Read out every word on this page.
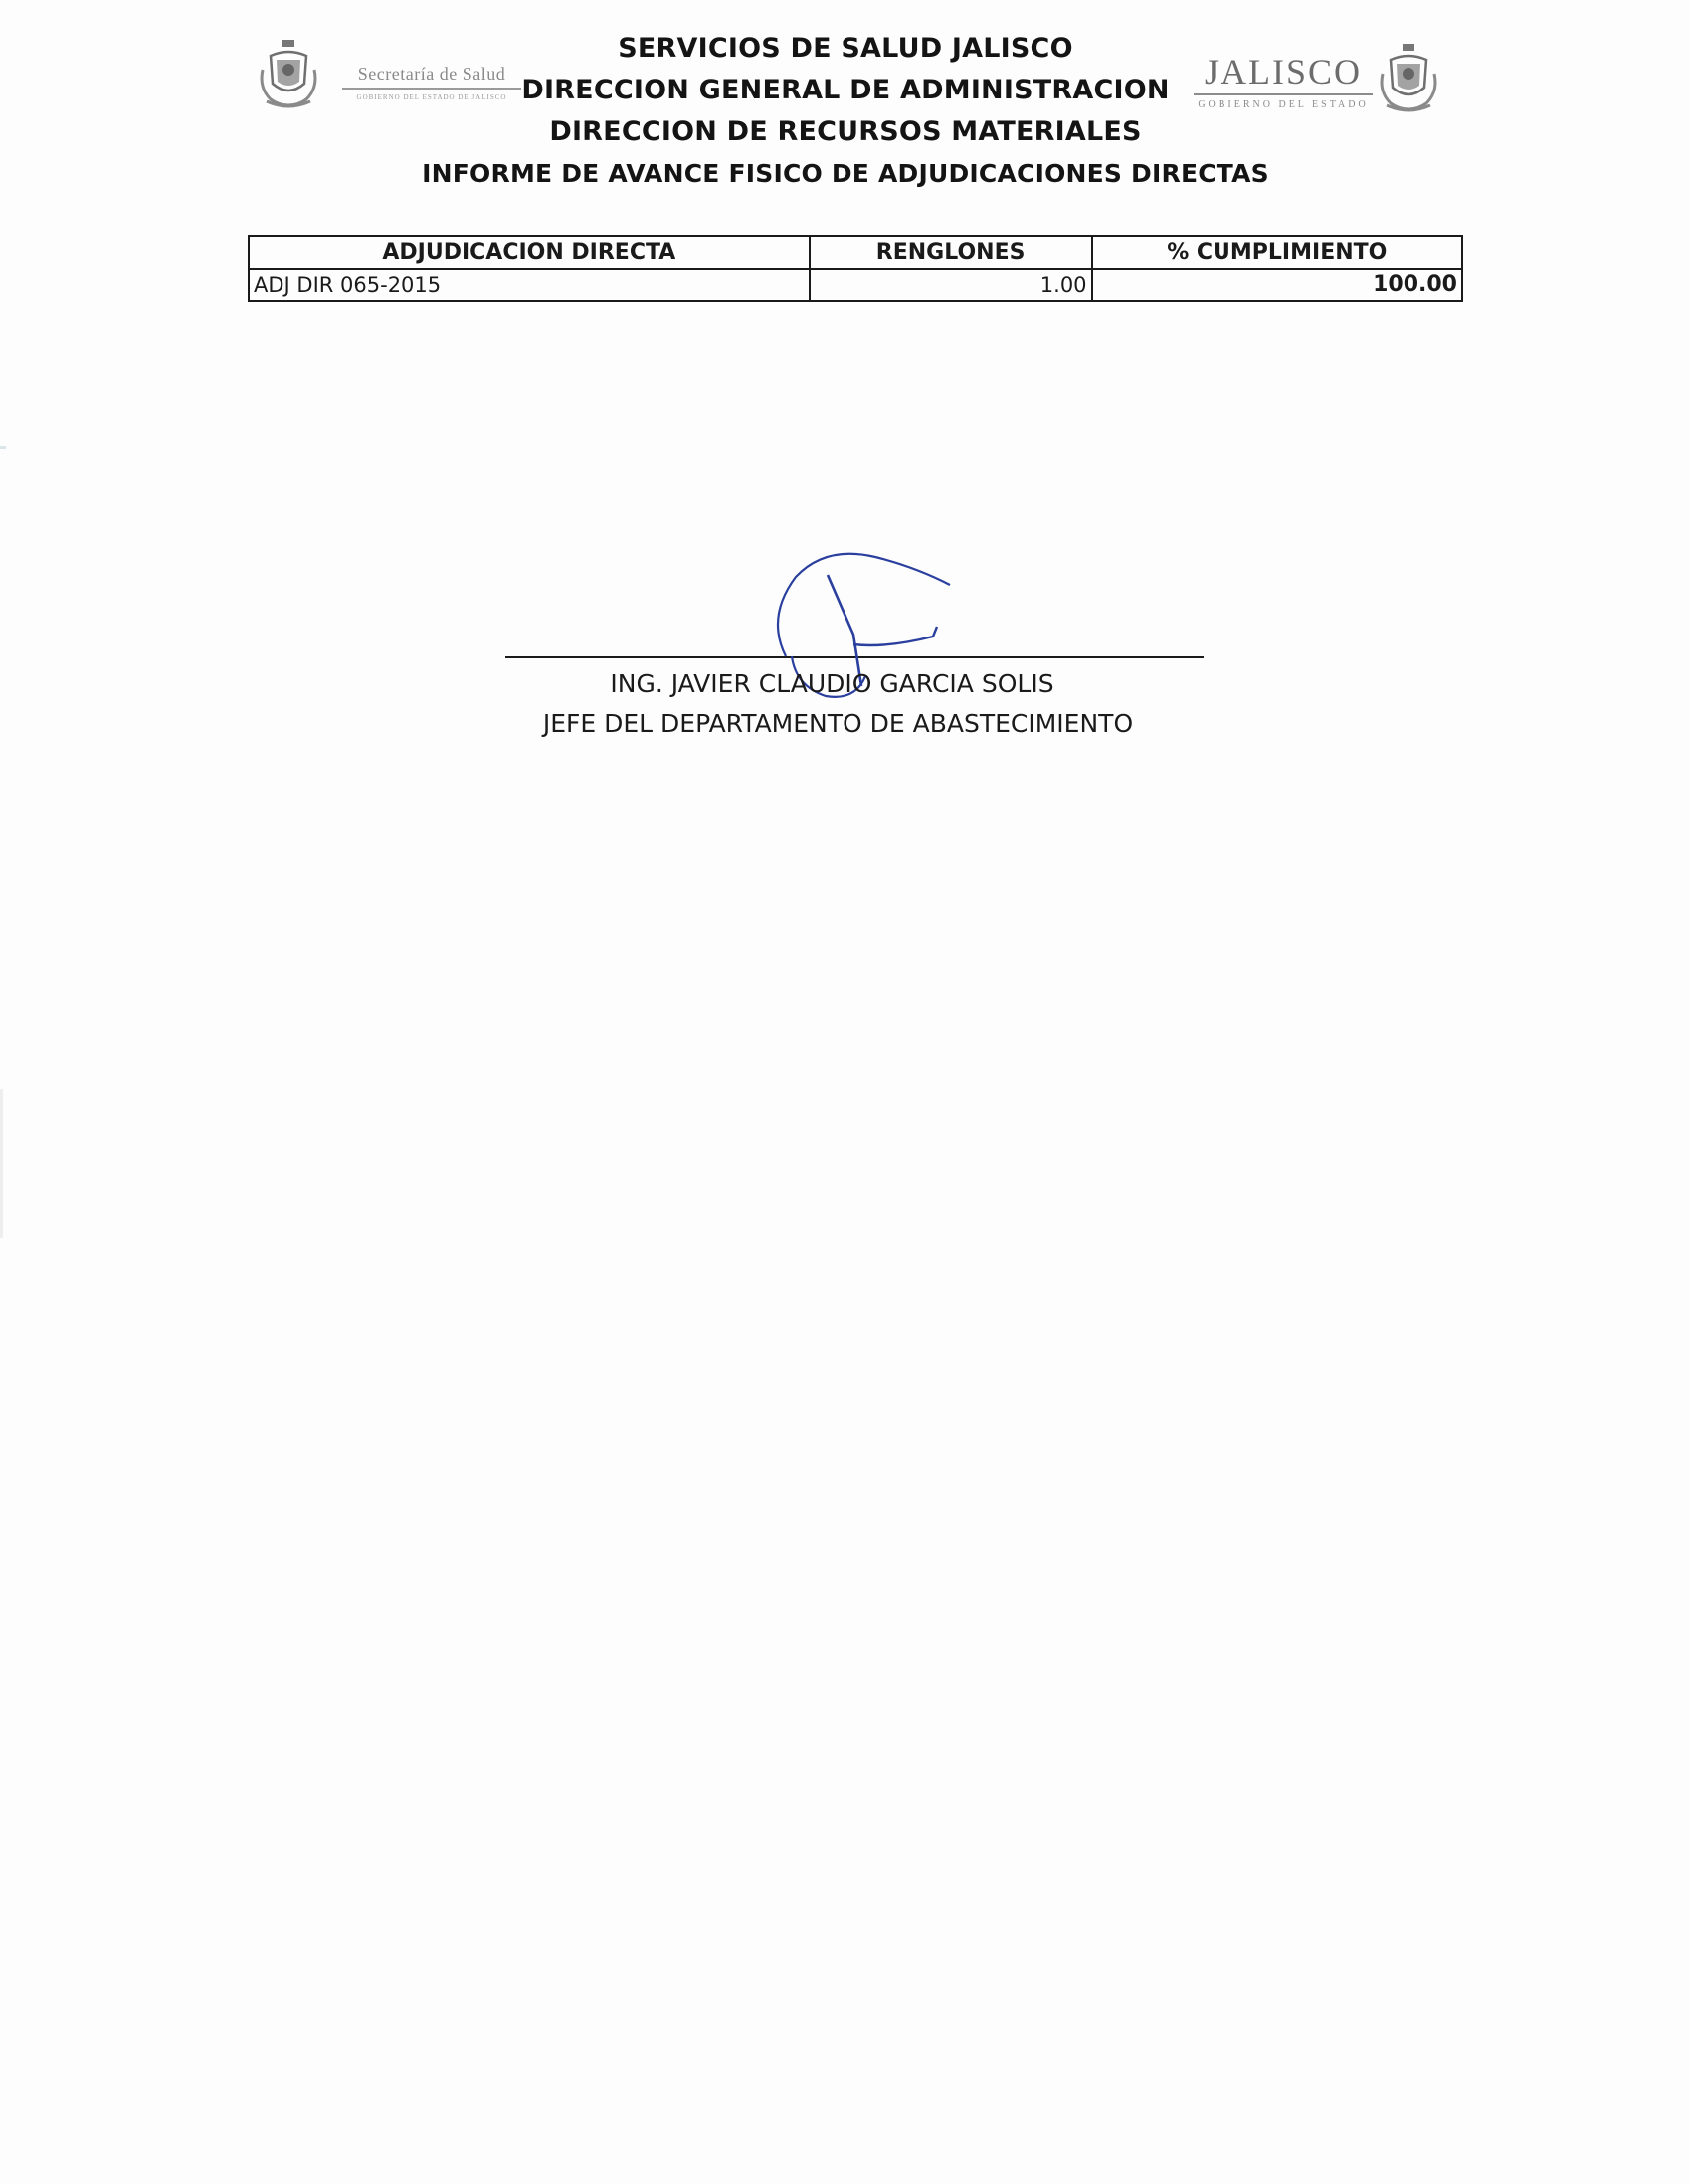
Secretaría de Salud
GOBIERNO DEL ESTADO DE JALISCO
SERVICIOS DE SALUD JALISCO
DIRECCION GENERAL DE ADMINISTRACION
DIRECCION DE RECURSOS MATERIALES
INFORME DE AVANCE FISICO DE ADJUDICACIONES DIRECTAS
JALISCO
GOBIERNO DEL ESTADO
ADJUDICACION DIRECTA	RENGLONES	% CUMPLIMIENTO
ADJ DIR 065-2015	1.00	100.00
ING. JAVIER CLAUDIO GARCIA SOLIS
JEFE DEL DEPARTAMENTO DE ABASTECIMIENTO
